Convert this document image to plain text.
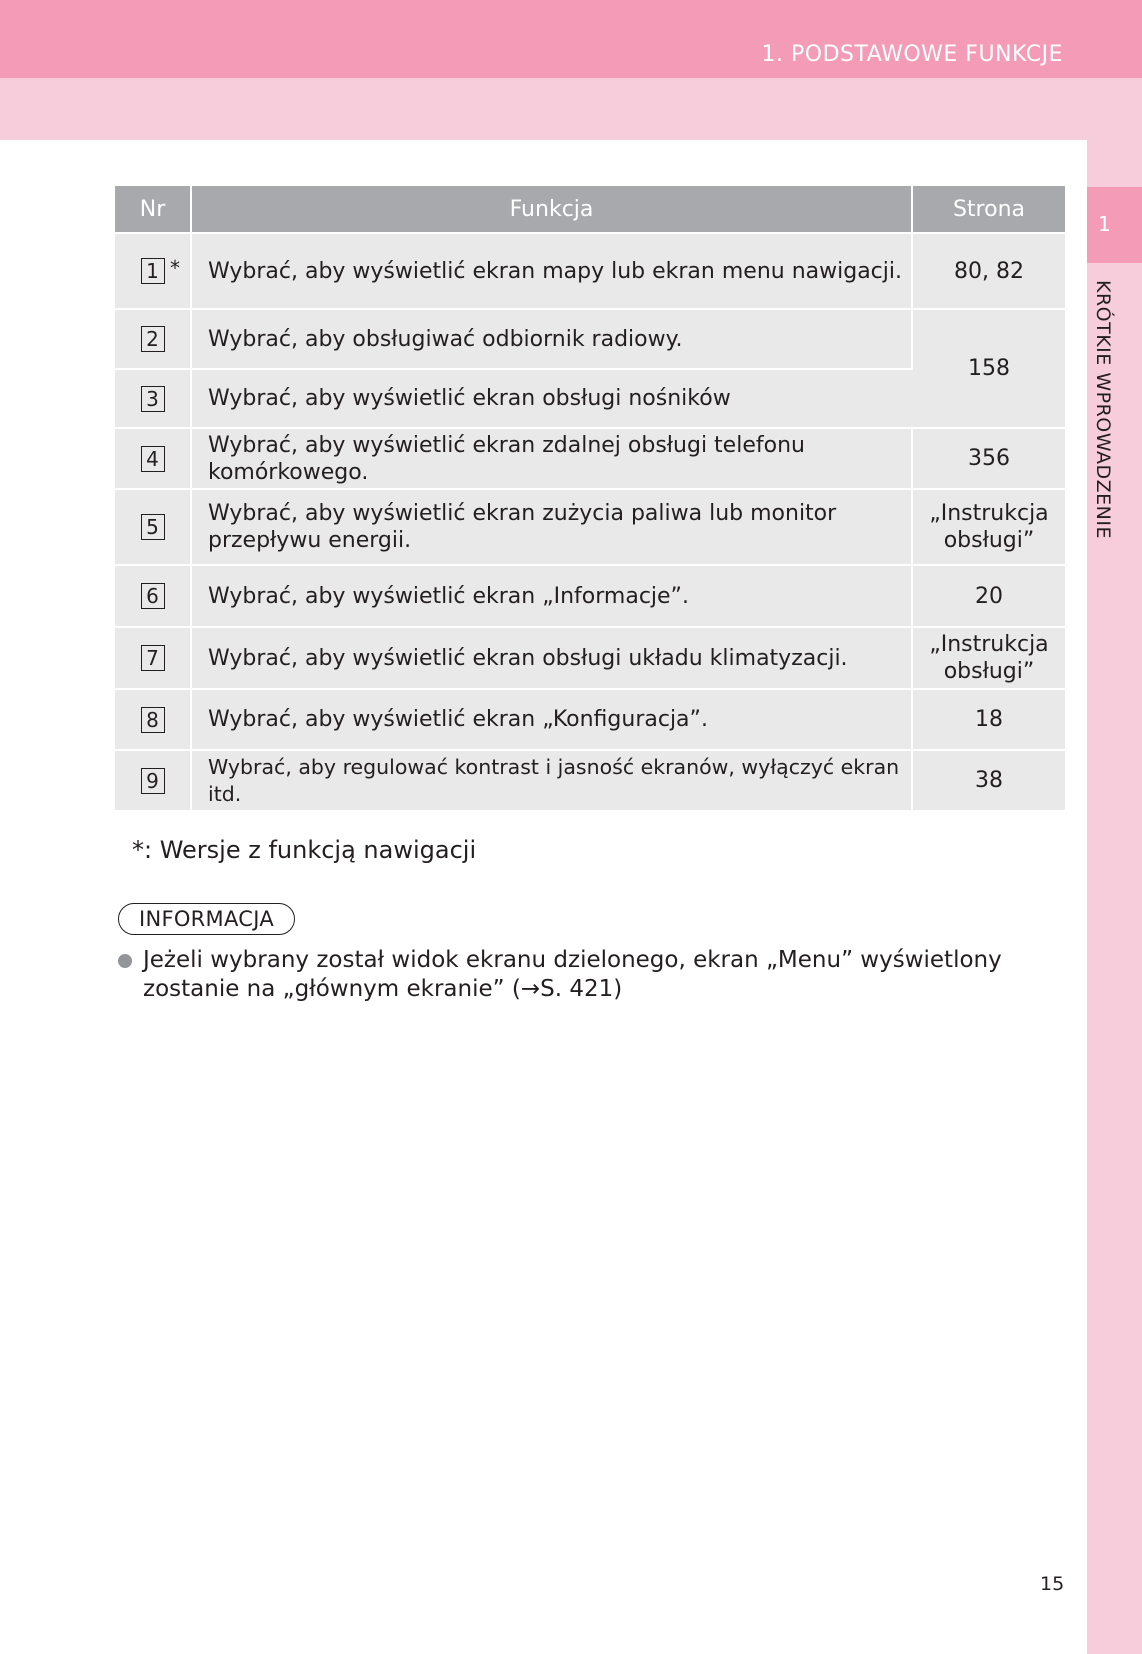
1. PODSTAWOWE FUNKCJE
1
KRÓTKIE WPROWADZENIE
Nr	Funkcja	Strona
1 *	Wybrać, aby wyświetlić ekran mapy lub ekran menu nawigacji.	80, 82
2	Wybrać, aby obsługiwać odbiornik radiowy.	158
3	Wybrać, aby wyświetlić ekran obsługi nośników	
4	Wybrać, aby wyświetlić ekran zdalnej obsługi telefonu komórkowego.	356
5	Wybrać, aby wyświetlić ekran zużycia paliwa lub monitor przepływu energii.	„Instrukcja obsługi”
6	Wybrać, aby wyświetlić ekran „Informacje”.	20
7	Wybrać, aby wyświetlić ekran obsługi układu klimatyzacji.	„Instrukcja obsługi”
8	Wybrać, aby wyświetlić ekran „Konfiguracja”.	18
9	Wybrać, aby regulować kontrast i jasność ekranów, wyłączyć ekran itd.	38
*: Wersje z funkcją nawigacji
INFORMACJA
Jeżeli wybrany został widok ekranu dzielonego, ekran „Menu” wyświetlony zostanie na „głównym ekranie” (→S. 421)
15
